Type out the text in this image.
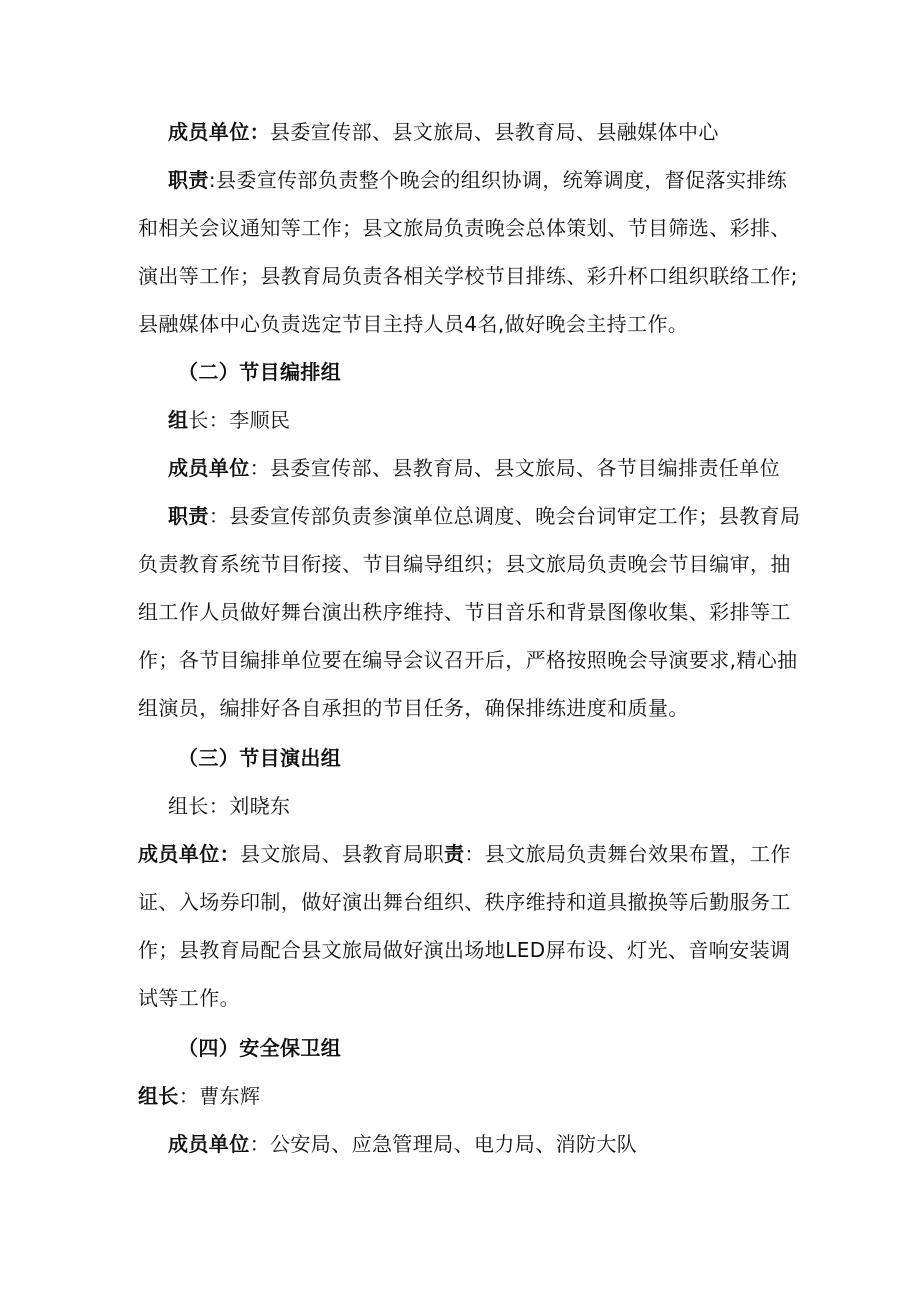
成员单位：县委宣传部、县文旅局、县教育局、县融媒体中心
职责:县委宣传部负责整个晚会的组织协调，统筹调度，督促落实排练
和相关会议通知等工作；县文旅局负责晚会总体策划、节目筛选、彩排、
演出等工作；县教育局负责各相关学校节目排练、彩升杯口组织联络工作;
县融媒体中心负责选定节目主持人员4名,做好晚会主持工作。
（二）节目编排组
组长：李顺民
成员单位：县委宣传部、县教育局、县文旅局、各节目编排责任单位
职责：县委宣传部负责参演单位总调度、晚会台词审定工作；县教育局
负责教育系统节目衔接、节目编导组织；县文旅局负责晚会节目编审，抽
组工作人员做好舞台演出秩序维持、节目音乐和背景图像收集、彩排等工
作；各节目编排单位要在编导会议召开后，严格按照晚会导演要求,精心抽
组演员，编排好各自承担的节目任务，确保排练进度和质量。
（三）节目演出组
组长：刘晓东
成员单位：县文旅局、县教育局职责：县文旅局负责舞台效果布置，工作
证、入场券印制，做好演出舞台组织、秩序维持和道具撤换等后勤服务工
作；县教育局配合县文旅局做好演出场地LED屏布设、灯光、音响安装调
试等工作。
（四）安全保卫组
组长：曹东辉
成员单位：公安局、应急管理局、电力局、消防大队
